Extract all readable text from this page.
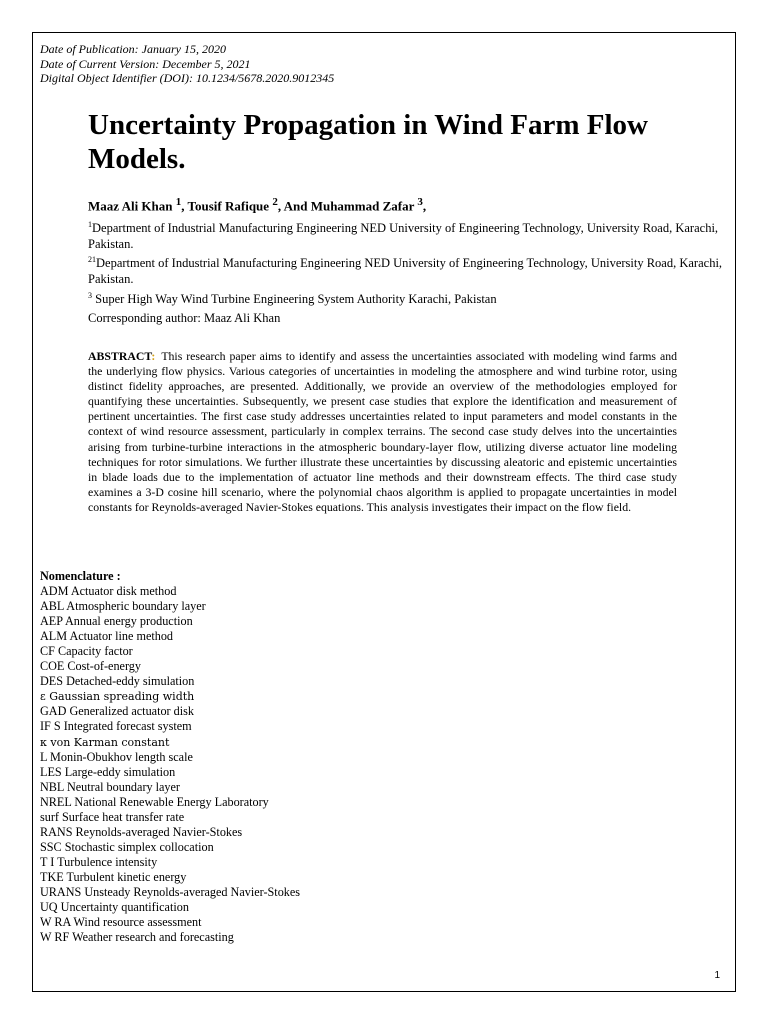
Date of Publication: January 15, 2020
Date of Current Version: December 5, 2021
Digital Object Identifier (DOI): 10.1234/5678.2020.9012345
Uncertainty Propagation in Wind Farm Flow Models.
Maaz Ali Khan $^1$, Tousif Rafique $^2$, And Muhammad Zafar $^3$,
$^1$Department of Industrial Manufacturing Engineering NED University of Engineering Technology, University Road, Karachi, Pakistan.
$^{21}$Department of Industrial Manufacturing Engineering NED University of Engineering Technology, University Road, Karachi, Pakistan.
$^3$ Super High Way Wind Turbine Engineering System Authority Karachi, Pakistan
Corresponding author: Maaz Ali Khan
ABSTRACT: This research paper aims to identify and assess the uncertainties associated with modeling wind farms and the underlying flow physics. Various categories of uncertainties in modeling the atmosphere and wind turbine rotor, using distinct fidelity approaches, are presented. Additionally, we provide an overview of the methodologies employed for quantifying these uncertainties. Subsequently, we present case studies that explore the identification and measurement of pertinent uncertainties. The first case study addresses uncertainties related to input parameters and model constants in the context of wind resource assessment, particularly in complex terrains. The second case study delves into the uncertainties arising from turbine-turbine interactions in the atmospheric boundary-layer flow, utilizing diverse actuator line modeling techniques for rotor simulations. We further illustrate these uncertainties by discussing aleatoric and epistemic uncertainties in blade loads due to the implementation of actuator line methods and their downstream effects. The third case study examines a 3-D cosine hill scenario, where the polynomial chaos algorithm is applied to propagate uncertainties in model constants for Reynolds-averaged Navier-Stokes equations. This analysis investigates their impact on the flow field.
Nomenclature :
ADM Actuator disk method
ABL Atmospheric boundary layer
AEP Annual energy production
ALM Actuator line method
CF Capacity factor
COE Cost-of-energy
DES Detached-eddy simulation
ε Gaussian spreading width
GAD Generalized actuator disk
IF S Integrated forecast system
κ von Karman constant
L Monin-Obukhov length scale
LES Large-eddy simulation
NBL Neutral boundary layer
NREL National Renewable Energy Laboratory
surf Surface heat transfer rate
RANS Reynolds-averaged Navier-Stokes
SSC Stochastic simplex collocation
T I Turbulence intensity
TKE Turbulent kinetic energy
URANS Unsteady Reynolds-averaged Navier-Stokes
UQ Uncertainty quantification
W RA Wind resource assessment
W RF Weather research and forecasting
1
